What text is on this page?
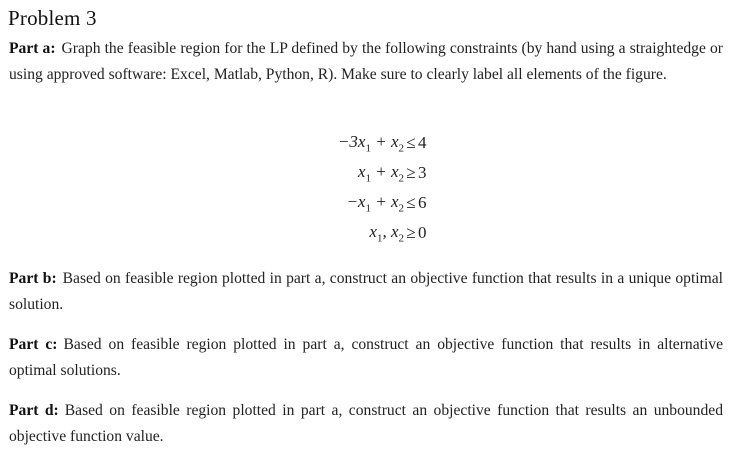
Problem 3
Part a: Graph the feasible region for the LP defined by the following constraints (by hand using a straightedge or using approved software: Excel, Matlab, Python, R). Make sure to clearly label all elements of the figure.
$-3x_1 + x_2 \le 4$
$x_1 + x_2 \ge 3$
$-x_1 + x_2 \le 6$
$x_1$, $x_2 \ge 0$
Part b: Based on feasible region plotted in part a, construct an objective function that results in a unique optimal solution.
Part c: Based on feasible region plotted in part a, construct an objective function that results in alternative optimal solutions.
Part d: Based on feasible region plotted in part a, construct an objective function that results an unbounded objective function value.
